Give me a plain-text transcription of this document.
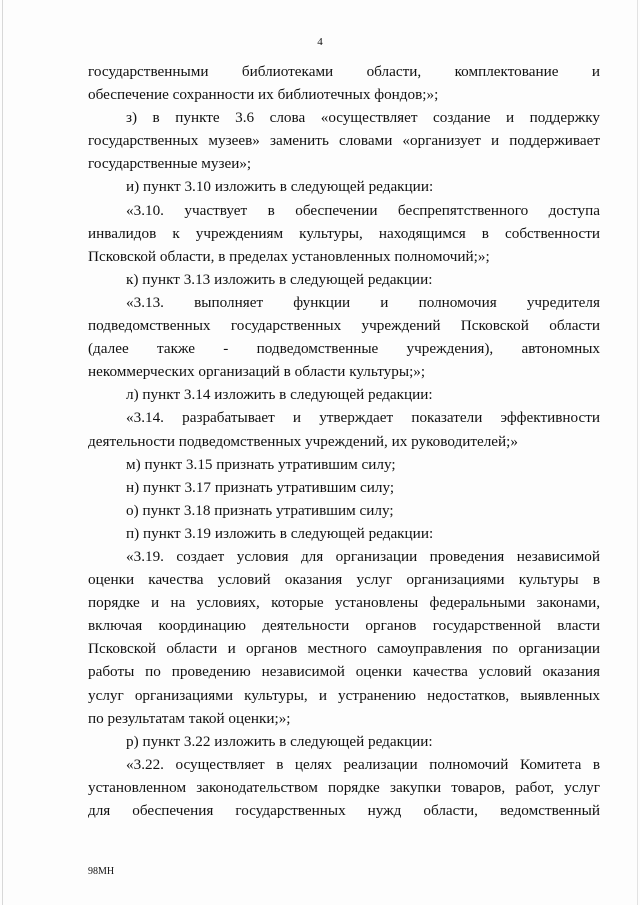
4
государственными библиотеками области, комплектование и
обеспечение сохранности их библиотечных фондов;»;
з) в пункте 3.6 слова «осуществляет создание и поддержку
государственных музеев» заменить словами «организует и поддерживает
государственные музеи»;
и) пункт 3.10 изложить в следующей редакции:
«3.10. участвует в обеспечении беспрепятственного доступа
инвалидов к учреждениям культуры, находящимся в собственности
Псковской области, в пределах установленных полномочий;»;
к) пункт 3.13 изложить в следующей редакции:
«3.13. выполняет функции и полномочия учредителя
подведомственных государственных учреждений Псковской области
(далее также - подведомственные учреждения), автономных
некоммерческих организаций в области культуры;»;
л) пункт 3.14 изложить в следующей редакции:
«3.14. разрабатывает и утверждает показатели эффективности
деятельности подведомственных учреждений, их руководителей;»
м) пункт 3.15 признать утратившим силу;
н) пункт 3.17 признать утратившим силу;
о) пункт 3.18 признать утратившим силу;
п) пункт 3.19 изложить в следующей редакции:
«3.19. создает условия для организации проведения независимой
оценки качества условий оказания услуг организациями культуры в
порядке и на условиях, которые установлены федеральными законами,
включая координацию деятельности органов государственной власти
Псковской области и органов местного самоуправления по организации
работы по проведению независимой оценки качества условий оказания
услуг организациями культуры, и устранению недостатков, выявленных
по результатам такой оценки;»;
р) пункт 3.22 изложить в следующей редакции:
«3.22. осуществляет в целях реализации полномочий Комитета в
установленном законодательством порядке закупки товаров, работ, услуг
для обеспечения государственных нужд области, ведомственный
98МН
